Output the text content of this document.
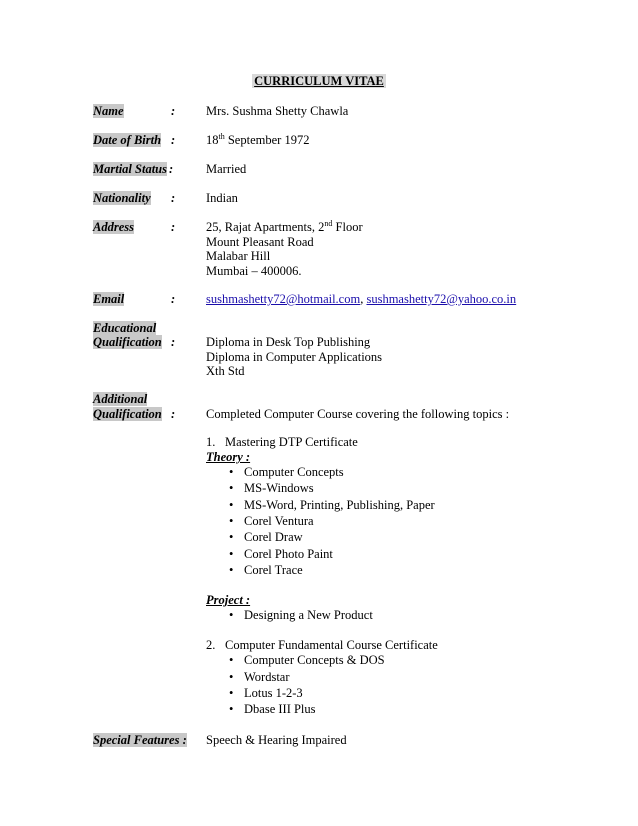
CURRICULUM VITAE
Name	: Mrs. Sushma Shetty Chawla
Date of Birth : 18th September 1972
Martial Status :	Married
Nationality : Indian
Address	: 25, Rajat Apartments, 2nd Floor
Mount Pleasant Road
Malabar Hill
Mumbai – 400006.
Email	: sushmashetty72@hotmail.com, sushmashetty72@yahoo.co.in
Educational
Qualification : Diploma in Desk Top Publishing
Diploma in Computer Applications
Xth Std
Additional
Qualification : Completed Computer Course covering the following topics :
1. Mastering DTP Certificate
Theory :
• Computer Concepts
• MS-Windows
• MS-Word, Printing, Publishing, Paper
• Corel Ventura
• Corel Draw
• Corel Photo Paint
• Corel Trace
Project :
• Designing a New Product
2. Computer Fundamental Course Certificate
• Computer Concepts & DOS
• Wordstar
• Lotus 1-2-3
• Dbase III Plus
Special Features : Speech & Hearing Impaired
